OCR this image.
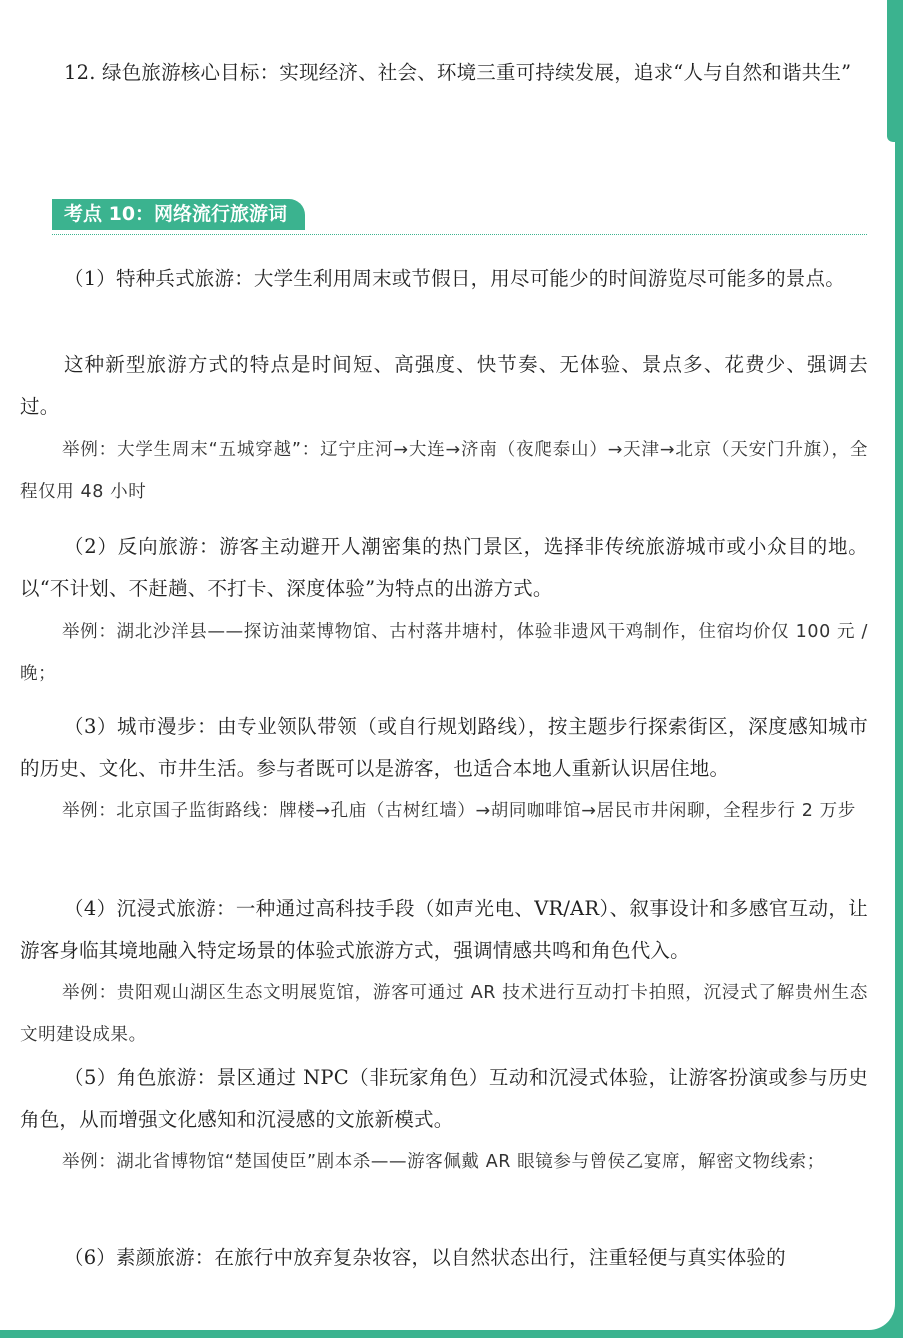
12. 绿色旅游核心目标：实现经济、社会、环境三重可持续发展，追求“人与自然和谐共生”

考点 10：网络流行旅游词

（1）特种兵式旅游：大学生利用周末或节假日，用尽可能少的时间游览尽可能多的景点。

这种新型旅游方式的特点是时间短、高强度、快节奏、无体验、景点多、花费少、强调去过。

举例：大学生周末“五城穿越”：辽宁庄河→大连→济南（夜爬泰山）→天津→北京（天安门升旗），全程仅用 48 小时

（2）反向旅游：游客主动避开人潮密集的热门景区，选择非传统旅游城市或小众目的地。以“不计划、不赶趟、不打卡、深度体验”为特点的出游方式。

举例：湖北沙洋县——探访油菜博物馆、古村落井塘村，体验非遗风干鸡制作，住宿均价仅 100 元 / 晚；

（3）城市漫步：由专业领队带领（或自行规划路线），按主题步行探索街区，深度感知城市的历史、文化、市井生活。参与者既可以是游客，也适合本地人重新认识居住地。

举例：北京国子监街路线：牌楼→孔庙（古树红墙）→胡同咖啡馆→居民市井闲聊，全程步行 2 万步

（4）沉浸式旅游：一种通过高科技手段（如声光电、VR/AR）、叙事设计和多感官互动，让游客身临其境地融入特定场景的体验式旅游方式，强调情感共鸣和角色代入。

举例：贵阳观山湖区生态文明展览馆，游客可通过 AR 技术进行互动打卡拍照，沉浸式了解贵州生态文明建设成果。

（5）角色旅游：景区通过 NPC（非玩家角色）互动和沉浸式体验，让游客扮演或参与历史角色，从而增强文化感知和沉浸感的文旅新模式。

举例：湖北省博物馆“楚国使臣”剧本杀——游客佩戴 AR 眼镜参与曾侯乙宴席，解密文物线索；

（6）素颜旅游：在旅行中放弃复杂妆容，以自然状态出行，注重轻便与真实体验的
